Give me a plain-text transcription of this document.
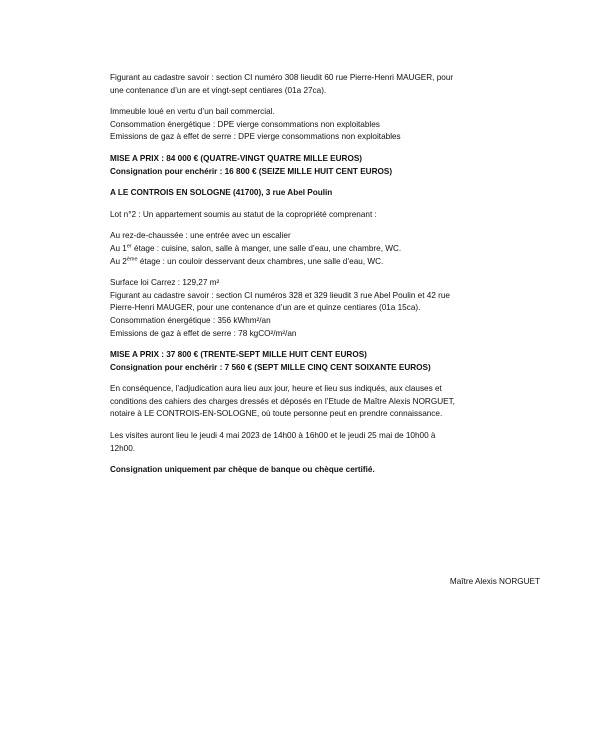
Figurant au cadastre savoir : section CI numéro 308 lieudit 60 rue Pierre-Henri MAUGER, pour
une contenance d’un are et vingt-sept centiares (01a 27ca).

Immeuble loué en vertu d’un bail commercial.
Consommation énergétique : DPE vierge consommations non exploitables
Emissions de gaz à effet de serre : DPE vierge consommations non exploitables

MISE A PRIX : 84 000 € (QUATRE-VINGT QUATRE MILLE EUROS)
Consignation pour enchérir : 16 800 € (SEIZE MILLE HUIT CENT EUROS)

A LE CONTROIS EN SOLOGNE (41700), 3 rue Abel Poulin

Lot n°2 : Un appartement soumis au statut de la copropriété comprenant :

Au rez-de-chaussée : une entrée avec un escalier
Au 1er étage : cuisine, salon, salle à manger, une salle d’eau, une chambre, WC.
Au 2ème étage : un couloir desservant deux chambres, une salle d’eau, WC.

Surface loi Carrez : 129,27 m²
Figurant au cadastre savoir : section CI numéros 328 et 329 lieudit 3 rue Abel Poulin et 42 rue
Pierre-Henri MAUGER, pour une contenance d’un are et quinze centiares (01a 15ca).
Consommation énergétique : 356 kWhm²/an
Emissions de gaz à effet de serre : 78 kgCO²/m²/an

MISE A PRIX : 37 800 € (TRENTE-SEPT MILLE HUIT CENT EUROS)
Consignation pour enchérir : 7 560 € (SEPT MILLE CINQ CENT SOIXANTE EUROS)

En conséquence, l’adjudication aura lieu aux jour, heure et lieu sus indiqués, aux clauses et
conditions des cahiers des charges dressés et déposés en l’Etude de Maître Alexis NORGUET,
notaire à LE CONTROIS-EN-SOLOGNE, où toute personne peut en prendre connaissance.

Les visites auront lieu le jeudi 4 mai 2023 de 14h00 à 16h00 et le jeudi 25 mai de 10h00 à
12h00.

Consignation uniquement par chèque de banque ou chèque certifié.

Maître Alexis NORGUET
